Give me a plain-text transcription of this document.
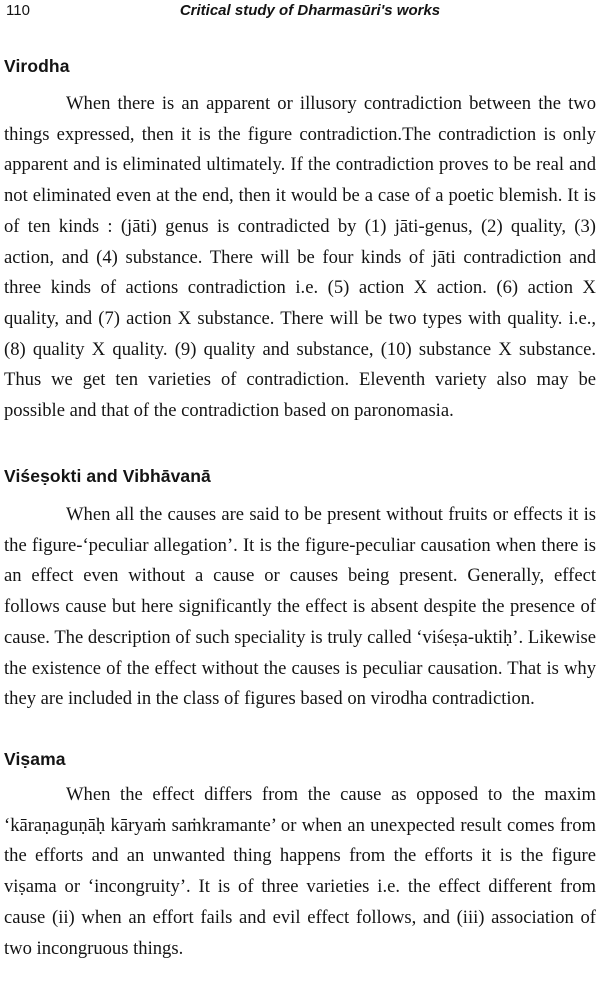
110	Critical study of Dharmasūri's works
Virodha

When there is an apparent or illusory contradiction between the two things expressed, then it is the figure contradiction.The contradiction is only apparent and is eliminated ultimately. If the contradiction proves to be real and not eliminated even at the end, then it would be a case of a poetic blemish. It is of ten kinds : (jāti) genus is contradicted by (1) jāti-genus, (2) quality, (3) action, and (4) substance. There will be four kinds of jāti contradiction and three kinds of actions contradiction i.e. (5) action X action. (6) action X quality, and (7) action X substance. There will be two types with quality. i.e., (8) quality X quality. (9) quality and substance, (10) substance X substance. Thus we get ten varieties of contradiction. Eleventh variety also may be possible and that of the contradiction based on paronomasia.

Viśeṣokti and Vibhāvanā

When all the causes are said to be present without fruits or effects it is the figure-‘peculiar allegation’. It is the figure-peculiar causation when there is an effect even without a cause or causes being present. Generally, effect follows cause but here significantly the effect is absent despite the presence of cause. The description of such speciality is truly called ‘viśeṣa-uktiḥ’. Likewise the existence of the effect without the causes is peculiar causation. That is why they are included in the class of figures based on virodha contradiction.

Viṣama

When the effect differs from the cause as opposed to the maxim ‘kāraṇaguṇāḥ kāryaṁ saṁkramante’ or when an unexpected result comes from the efforts and an unwanted thing happens from the efforts it is the figure viṣama or ‘incongruity’. It is of three varieties i.e. the effect different from cause (ii) when an effort fails and evil effect follows, and (iii) association of two incongruous things.
